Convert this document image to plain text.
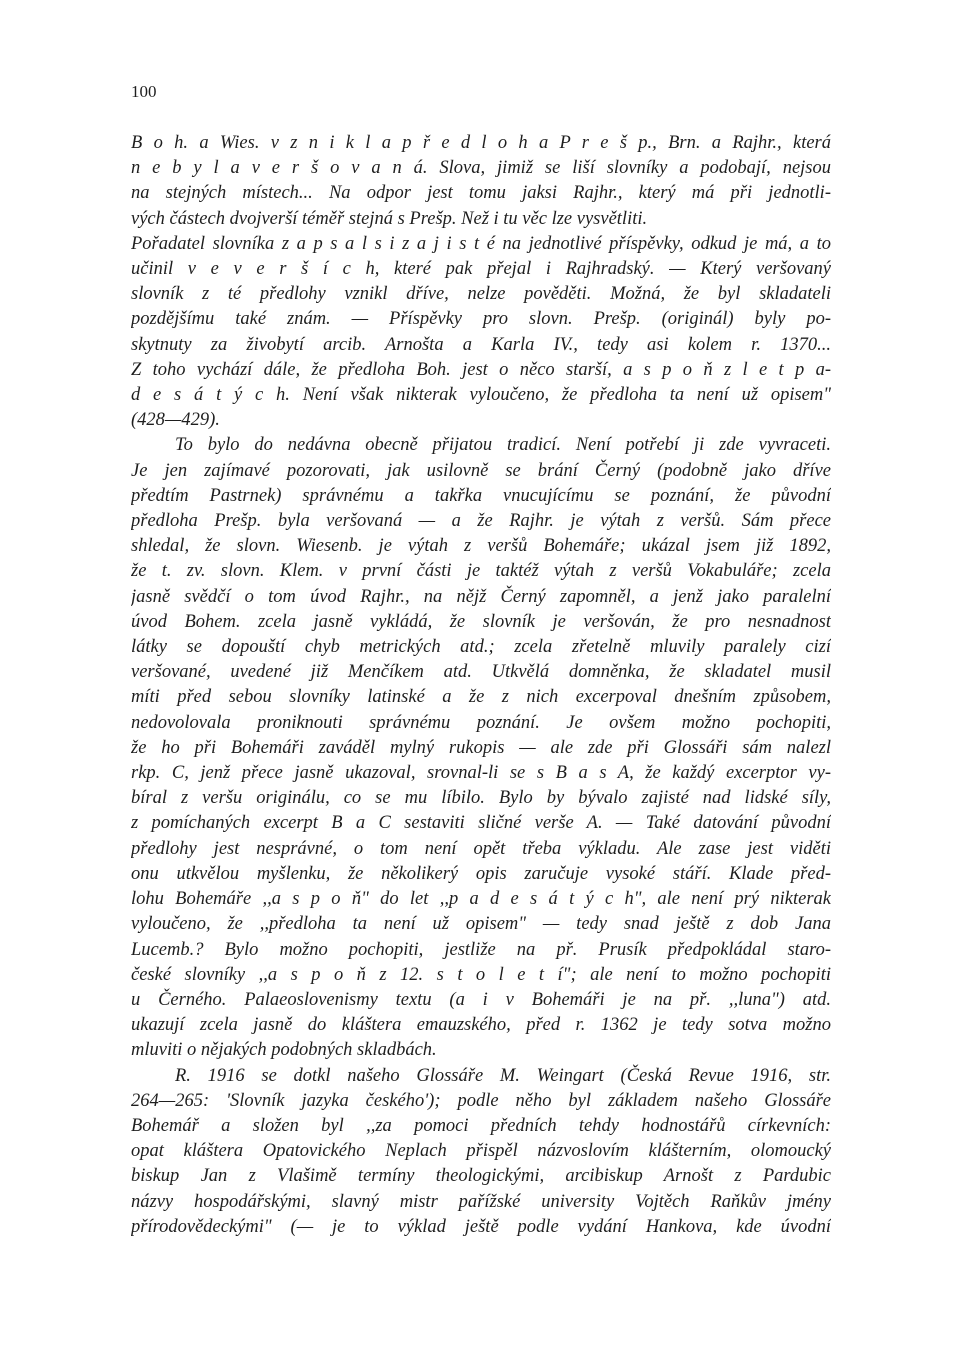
100
B o h. a Wies. v z n i k l a p ř e d l o h a P r e š p., Brn. a Rajhr., která
n e b y l a v e r š o v a n á. Slova, jimiž se liší slovníky a podobají, nejsou
na stejných místech... Na odpor jest tomu jaksi Rajhr., který má při jednotli-
vých částech dvojverší téměř stejná s Prešp. Než i tu věc lze vysvětliti.
Pořadatel slovníka z a p s a l s i z a j i s t é na jednotlivé příspěvky, odkud je má, a to
učinil v e v e r š í c h, které pak přejal i Rajhradský. — Který veršovaný
slovník z té předlohy vznikl dříve, nelze pověděti. Možná, že byl skladateli
pozdějšímu také znám. — Příspěvky pro slovn. Prešp. (originál) byly po-
skytnuty za živobytí arcib. Arnošta a Karla IV., tedy asi kolem r. 1370...
Z toho vychází dále, že předloha Boh. jest o něco starší, a s p o ň z l e t p a-
d e s á t ý c h. Není však nikterak vyloučeno, že předloha ta není už opisem"
(428—429).
To bylo do nedávna obecně přijatou tradicí. Není potřebí ji zde vyvraceti.
Je jen zajímavé pozorovati, jak usilovně se brání Černý (podobně jako dříve
předtím Pastrnek) správnému a takřka vnucujícímu se poznání, že původní
předloha Prešp. byla veršovaná — a že Rajhr. je výtah z veršů. Sám přece
shledal, že slovn. Wiesenb. je výtah z veršů Bohemáře; ukázal jsem již 1892,
že t. zv. slovn. Klem. v první části je taktéž výtah z veršů Vokabuláře; zcela
jasně svědčí o tom úvod Rajhr., na nějž Černý zapomněl, a jenž jako paralelní
úvod Bohem. zcela jasně vykládá, že slovník je veršován, že pro nesnadnost
látky se dopouští chyb metrických atd.; zcela zřetelně mluvily paralely cizí
veršované, uvedené již Menčíkem atd. Utkvělá domněnka, že skladatel musil
míti před sebou slovníky latinské a že z nich excerpoval dnešním způsobem,
nedovolovala proniknouti správnému poznání. Je ovšem možno pochopiti,
že ho při Bohemáři zaváděl mylný rukopis — ale zde při Glossáři sám nalezl
rkp. C, jenž přece jasně ukazoval, srovnal-li se s B a s A, že každý excerptor vy-
bíral z veršu originálu, co se mu líbilo. Bylo by bývalo zajisté nad lidské síly,
z pomíchaných excerpt B a C sestaviti sličné verše A. — Také datování původní
předlohy jest nesprávné, o tom není opět třeba výkladu. Ale zase jest viděti
onu utkvělou myšlenku, že několikerý opis zaručuje vysoké stáří. Klade před-
lohu Bohemáře ,,a s p o ň" do let ,,p a d e s á t ý c h", ale není prý nikterak
vyloučeno, že ,,předloha ta není už opisem" — tedy snad ještě z dob Jana
Lucemb.? Bylo možno pochopiti, jestliže na př. Prusík předpokládal staro-
české slovníky ,,a s p o ň z 12. s t o l e t í"; ale není to možno pochopiti
u Černého. Palaeoslovenismy textu (a i v Bohemáři je na př. ,,luna") atd.
ukazují zcela jasně do kláštera emauzského, před r. 1362 je tedy sotva možno
mluviti o nějakých podobných skladbách.
R. 1916 se dotkl našeho Glossáře M. Weingart (Česká Revue 1916, str.
264—265: 'Slovník jazyka českého'); podle něho byl základem našeho Glossáře
Bohemář a složen byl ,,za pomoci předních tehdy hodnostářů církevních:
opat kláštera Opatovického Neplach přispěl názvoslovím klášterním, olomoucký
biskup Jan z Vlašimě termíny theologickými, arcibiskup Arnošt z Pardubic
názvy hospodářskými, slavný mistr pařížské university Vojtěch Raňkův jmény
přírodovědeckými" (— je to výklad ještě podle vydání Hankova, kde úvodní
